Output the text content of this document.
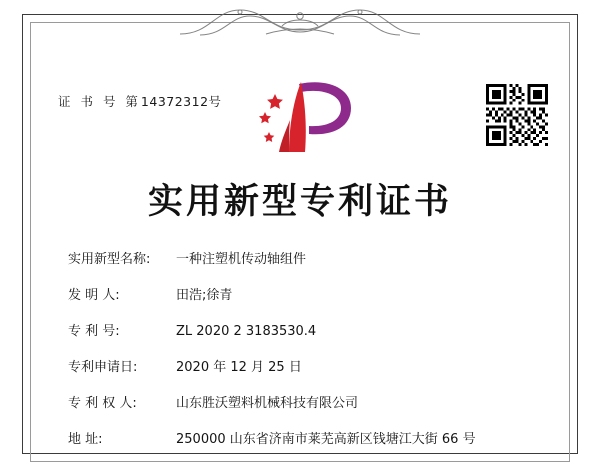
证 书 号 第14372312号
实用新型专利证书
实用新型名称:	一种注塑机传动轴组件
发 明 人:	田浩;徐青
专 利 号:	ZL 2020 2 3183530.4
专利申请日:	2020 年 12 月 25 日
专 利 权 人:	山东胜沃塑料机械科技有限公司
地 址:	250000 山东省济南市莱芜高新区钱塘江大街 66 号
